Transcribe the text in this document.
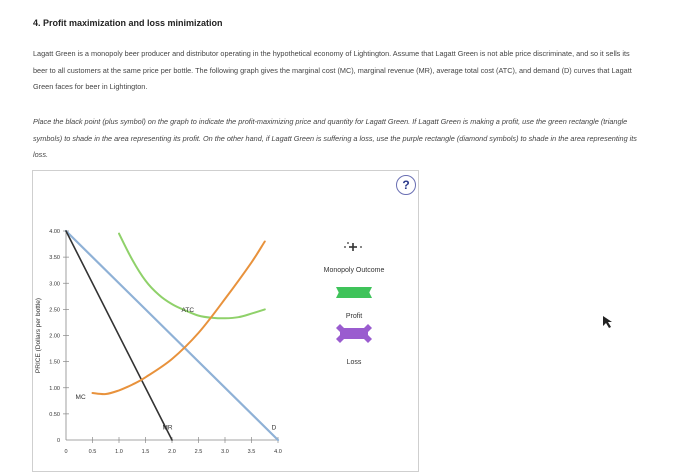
4. Profit maximization and loss minimization
Lagatt Green is a monopoly beer producer and distributor operating in the hypothetical economy of Lightington. Assume that Lagatt Green is not able price discriminate, and so it sells its beer to all customers at the same price per bottle. The following graph gives the marginal cost (MC), marginal revenue (MR), average total cost (ATC), and demand (D) curves that Lagatt Green faces for beer in Lightington.
Place the black point (plus symbol) on the graph to indicate the profit-maximizing price and quantity for Lagatt Green. If Lagatt Green is making a profit, use the green rectangle (triangle symbols) to shade in the area representing its profit. On the other hand, if Lagatt Green is suffering a loss, use the purple rectangle (diamond symbols) to shade in the area representing its loss.
?
0
0.50
1.00
1.50
2.00
2.50
3.00
3.50
4.00
0	0.5	1.0	1.5	2.0	2.5	3.0	3.5	4.0
PRICE (Dollars per bottle)
MC
MR
ATC
D
Monopoly Outcome
Profit
Loss
